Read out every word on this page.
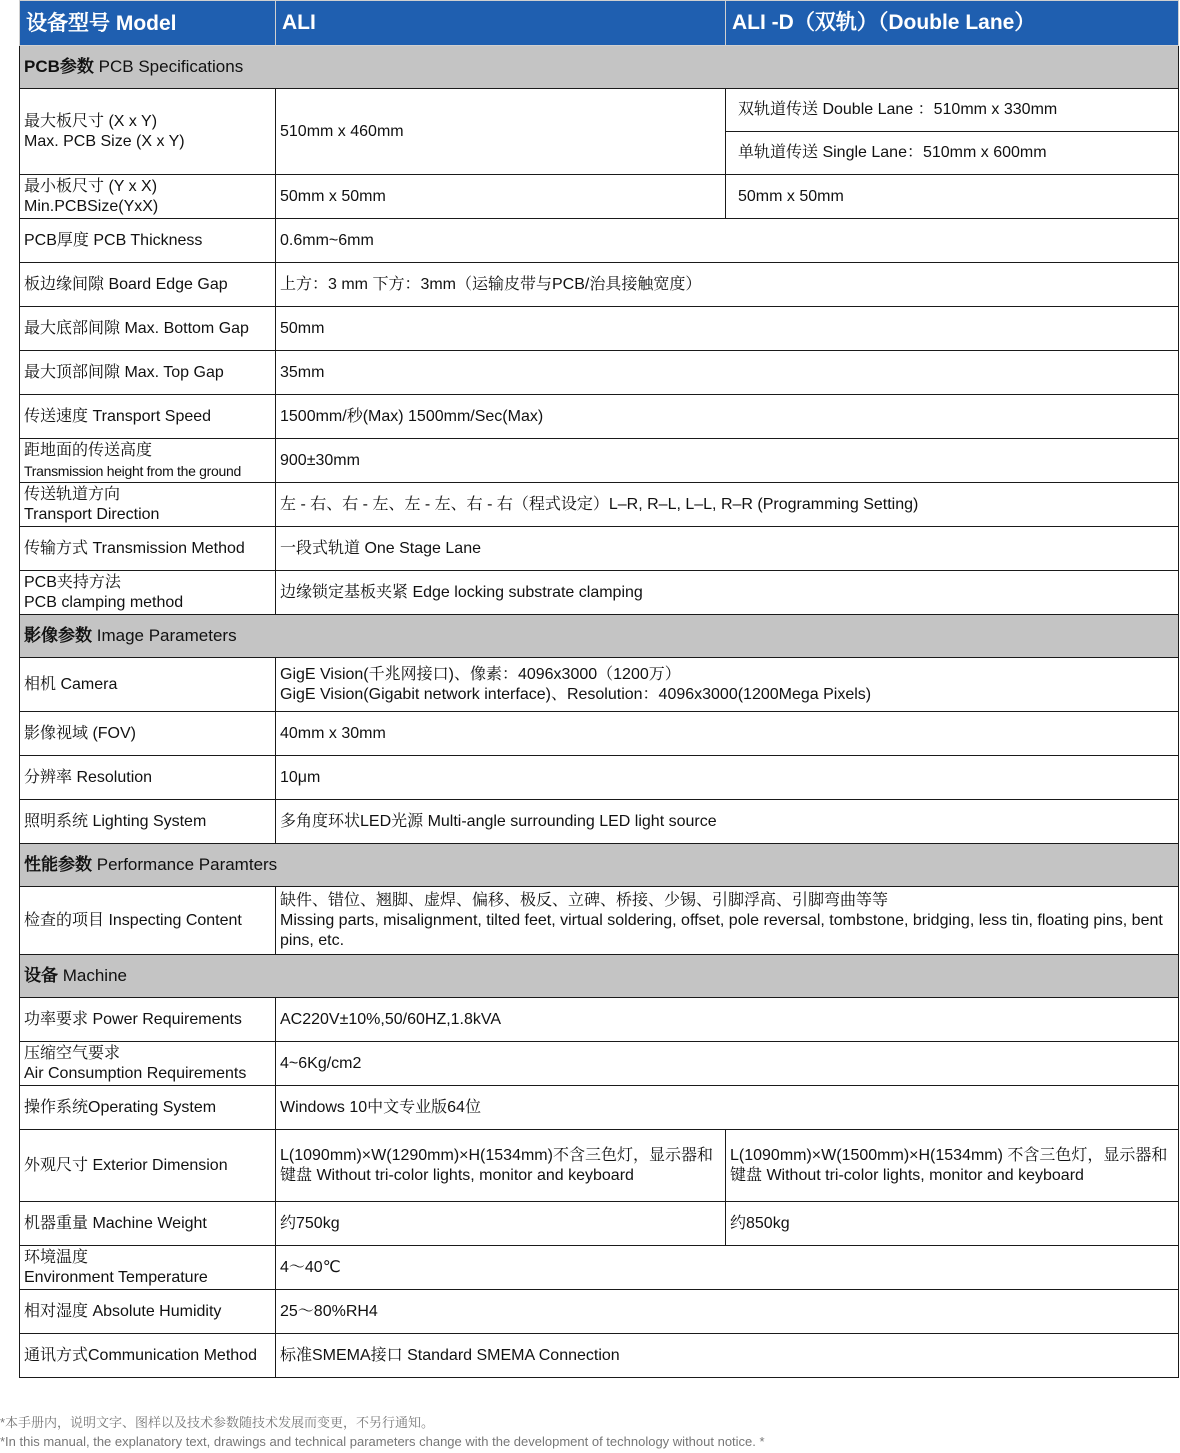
设备型号 Model	ALI	ALI -D（双轨）（Double Lane）
PCB参数 PCB Specifications		

最大板尺寸 (X x Y)
Max. PCB Size (X x Y)	510mm x 460mm	双轨道传送 Double Lane ：510mm x 330mm
		单轨道传送 Single Lane：510mm x 600mm

最小板尺寸 (Y x X)
Min.PCBSize(YxX)	50mm x 50mm	50mm x 50mm
PCB厚度 PCB Thickness	0.6mm~6mm	
板边缘间隙 Board Edge Gap	上方：3 mm 下方：3mm（运输皮带与PCB/治具接触宽度）	
最大底部间隙 Max. Bottom Gap	50mm	
最大顶部间隙 Max. Top Gap	35mm	
传送速度 Transport Speed	1500mm/秒(Max) 1500mm/Sec(Max)	

距地面的传送高度
Transmission height from the ground	900±30mm	

传送轨道方向
Transport Direction	左 - 右、右 - 左、左 - 左、右 - 右（程式设定）L–R, R–L, L–L, R–R (Programming Setting)	
传输方式 Transmission Method	一段式轨道 One Stage Lane	

PCB夹持方法
PCB clamping method	边缘锁定基板夹紧 Edge locking substrate clamping	
影像参数 Image Parameters		
相机 Camera	GigE Vision(千兆网接口)、像素：4096x3000（1200万）
GigE Vision(Gigabit network interface)、Resolution：4096x3000(1200Mega Pixels)	

影像视域 (FOV)	40mm x 30mm	
分辨率 Resolution	10μm	
照明系统 Lighting System	多角度环状LED光源 Multi-angle surrounding LED light source	
性能参数 Performance Paramters		
检查的项目 Inspecting Content	缺件、错位、翘脚、虚焊、偏移、极反、立碑、桥接、少锡、引脚浮高、引脚弯曲等等
Missing parts, misalignment, tilted feet, virtual soldering, offset, pole reversal, tombstone, bridging, less tin, floating pins, bent pins, etc.	

设备 Machine		
功率要求 Power Requirements	AC220V±10%,50/60HZ,1.8kVA	

压缩空气要求
Air Consumption Requirements	4~6Kg/cm2	
操作系统Operating System	Windows 10中文专业版64位	
外观尺寸 Exterior Dimension	L(1090mm)×W(1290mm)×H(1534mm)不含三色灯，显示器和键盘 Without tri-color lights, monitor and keyboard	L(1090mm)×W(1500mm)×H(1534mm) 不含三色灯，显示器和键盘 Without tri-color lights, monitor and keyboard
机器重量 Machine Weight	约750kg	约850kg

环境温度
Environment Temperature	4～40℃	
相对湿度 Absolute Humidity	25～80%RH4	
通讯方式Communication Method	标准SMEMA接口 Standard SMEMA Connection	
*本手册内，说明文字、图样以及技术参数随技术发展而变更，不另行通知。
*In this manual, the explanatory text, drawings and technical parameters change with the development of technology without notice. *
